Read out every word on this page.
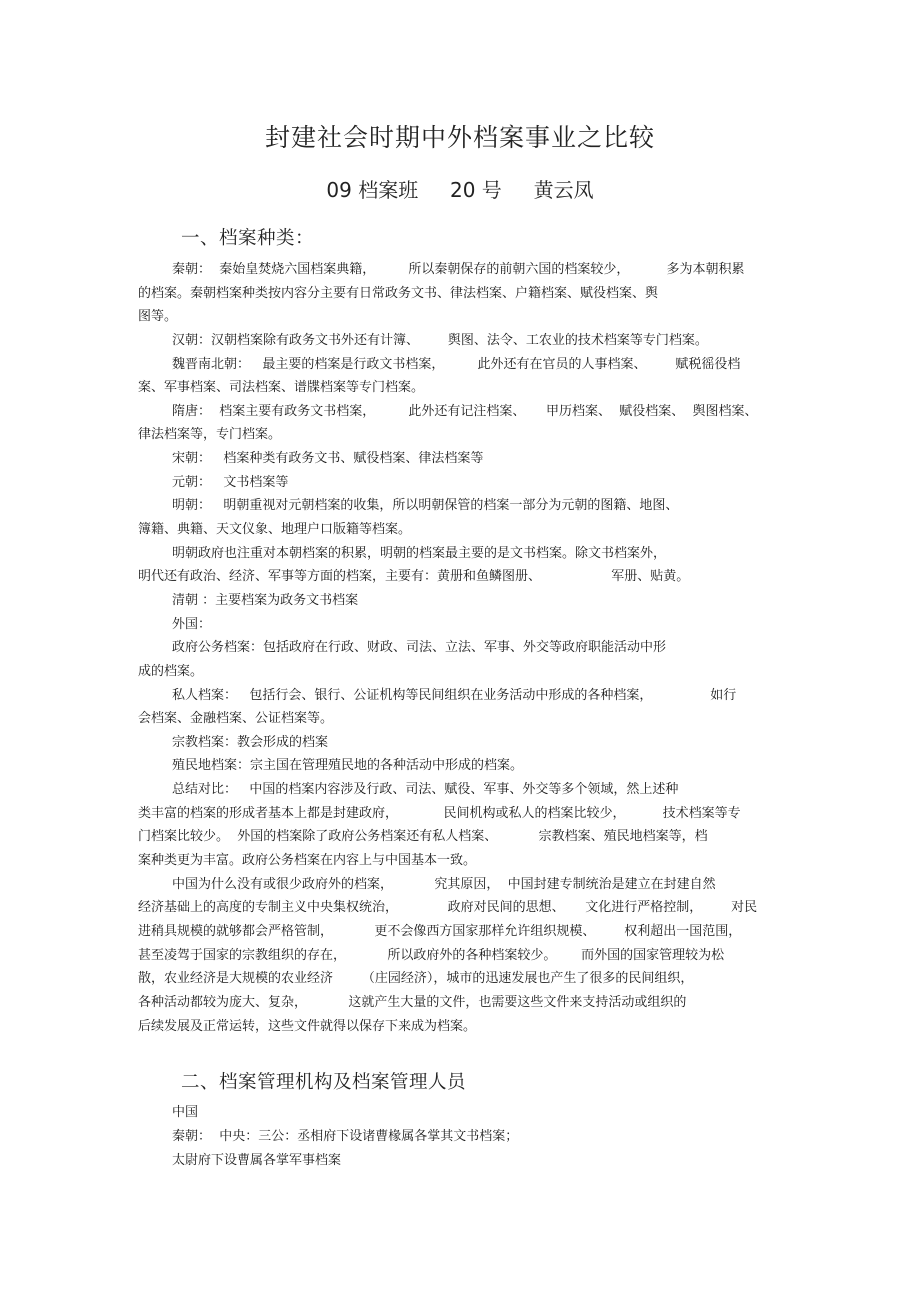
封建社会时期中外档案事业之比较
09 档案班     20 号     黄云凤
一、档案种类：
秦朝：  秦始皇焚烧六国档案典籍，        所以秦朝保存的前朝六国的档案较少，         多为本朝积累
的档案。秦朝档案种类按内容分主要有日常政务文书、律法档案、户籍档案、赋役档案、舆
图等。
汉朝：汉朝档案除有政务文书外还有计簿、       舆图、法令、工农业的技术档案等专门档案。
魏晋南北朝：   最主要的档案是行政文书档案，        此外还有在官员的人事档案、       赋税徭役档
案、军事档案、司法档案、谱牒档案等专门档案。
隋唐：  档案主要有政务文书档案，        此外还有记注档案、     甲历档案、  赋役档案、  舆图档案、
律法档案等，专门档案。
宋朝：   档案种类有政务文书、赋役档案、律法档案等
元朝：   文书档案等
明朝：   明朝重视对元朝档案的收集，所以明朝保管的档案一部分为元朝的图籍、地图、
簿籍、典籍、天文仪象、地理户口版籍等档案。
明朝政府也注重对本朝档案的积累，明朝的档案最主要的是文书档案。除文书档案外，
明代还有政治、经济、军事等方面的档案，主要有：黄册和鱼鳞图册、                 军册、贴黄。
清朝 ：主要档案为政务文书档案
外国：
政府公务档案：包括政府在行政、财政、司法、立法、军事、外交等政府职能活动中形
成的档案。
私人档案：   包括行会、银行、公证机构等民间组织在业务活动中形成的各种档案，              如行
会档案、金融档案、公证档案等。
宗教档案：教会形成的档案
殖民地档案：宗主国在管理殖民地的各种活动中形成的档案。
总结对比：   中国的档案内容涉及行政、司法、赋役、军事、外交等多个领域，然上述种
类丰富的档案的形成者基本上都是封建政府，           民间机构或私人的档案比较少，         技术档案等专
门档案比较少。  外国的档案除了政府公务档案还有私人档案、          宗教档案、殖民地档案等，档
案种类更为丰富。政府公务档案在内容上与中国基本一致。
中国为什么没有或很少政府外的档案，          究其原因，  中国封建专制统治是建立在封建自然
经济基础上的高度的专制主义中央集权统治，            政府对民间的思想、     文化进行严格控制，       对民
进稍具规模的就够都会严格管制，          更不会像西方国家那样允许组织规模、       权利超出一国范围，
甚至凌驾于国家的宗教组织的存在，          所以政府外的各种档案较少。      而外国的国家管理较为松
散，农业经济是大规模的农业经济       （庄园经济），城市的迅速发展也产生了很多的民间组织，
各种活动都较为庞大、复杂，          这就产生大量的文件，也需要这些文件来支持活动或组织的
后续发展及正常运转，这些文件就得以保存下来成为档案。
二、档案管理机构及档案管理人员
中国
秦朝：  中央：三公：丞相府下设诸曹椽属各掌其文书档案；
太尉府下设曹属各掌军事档案
